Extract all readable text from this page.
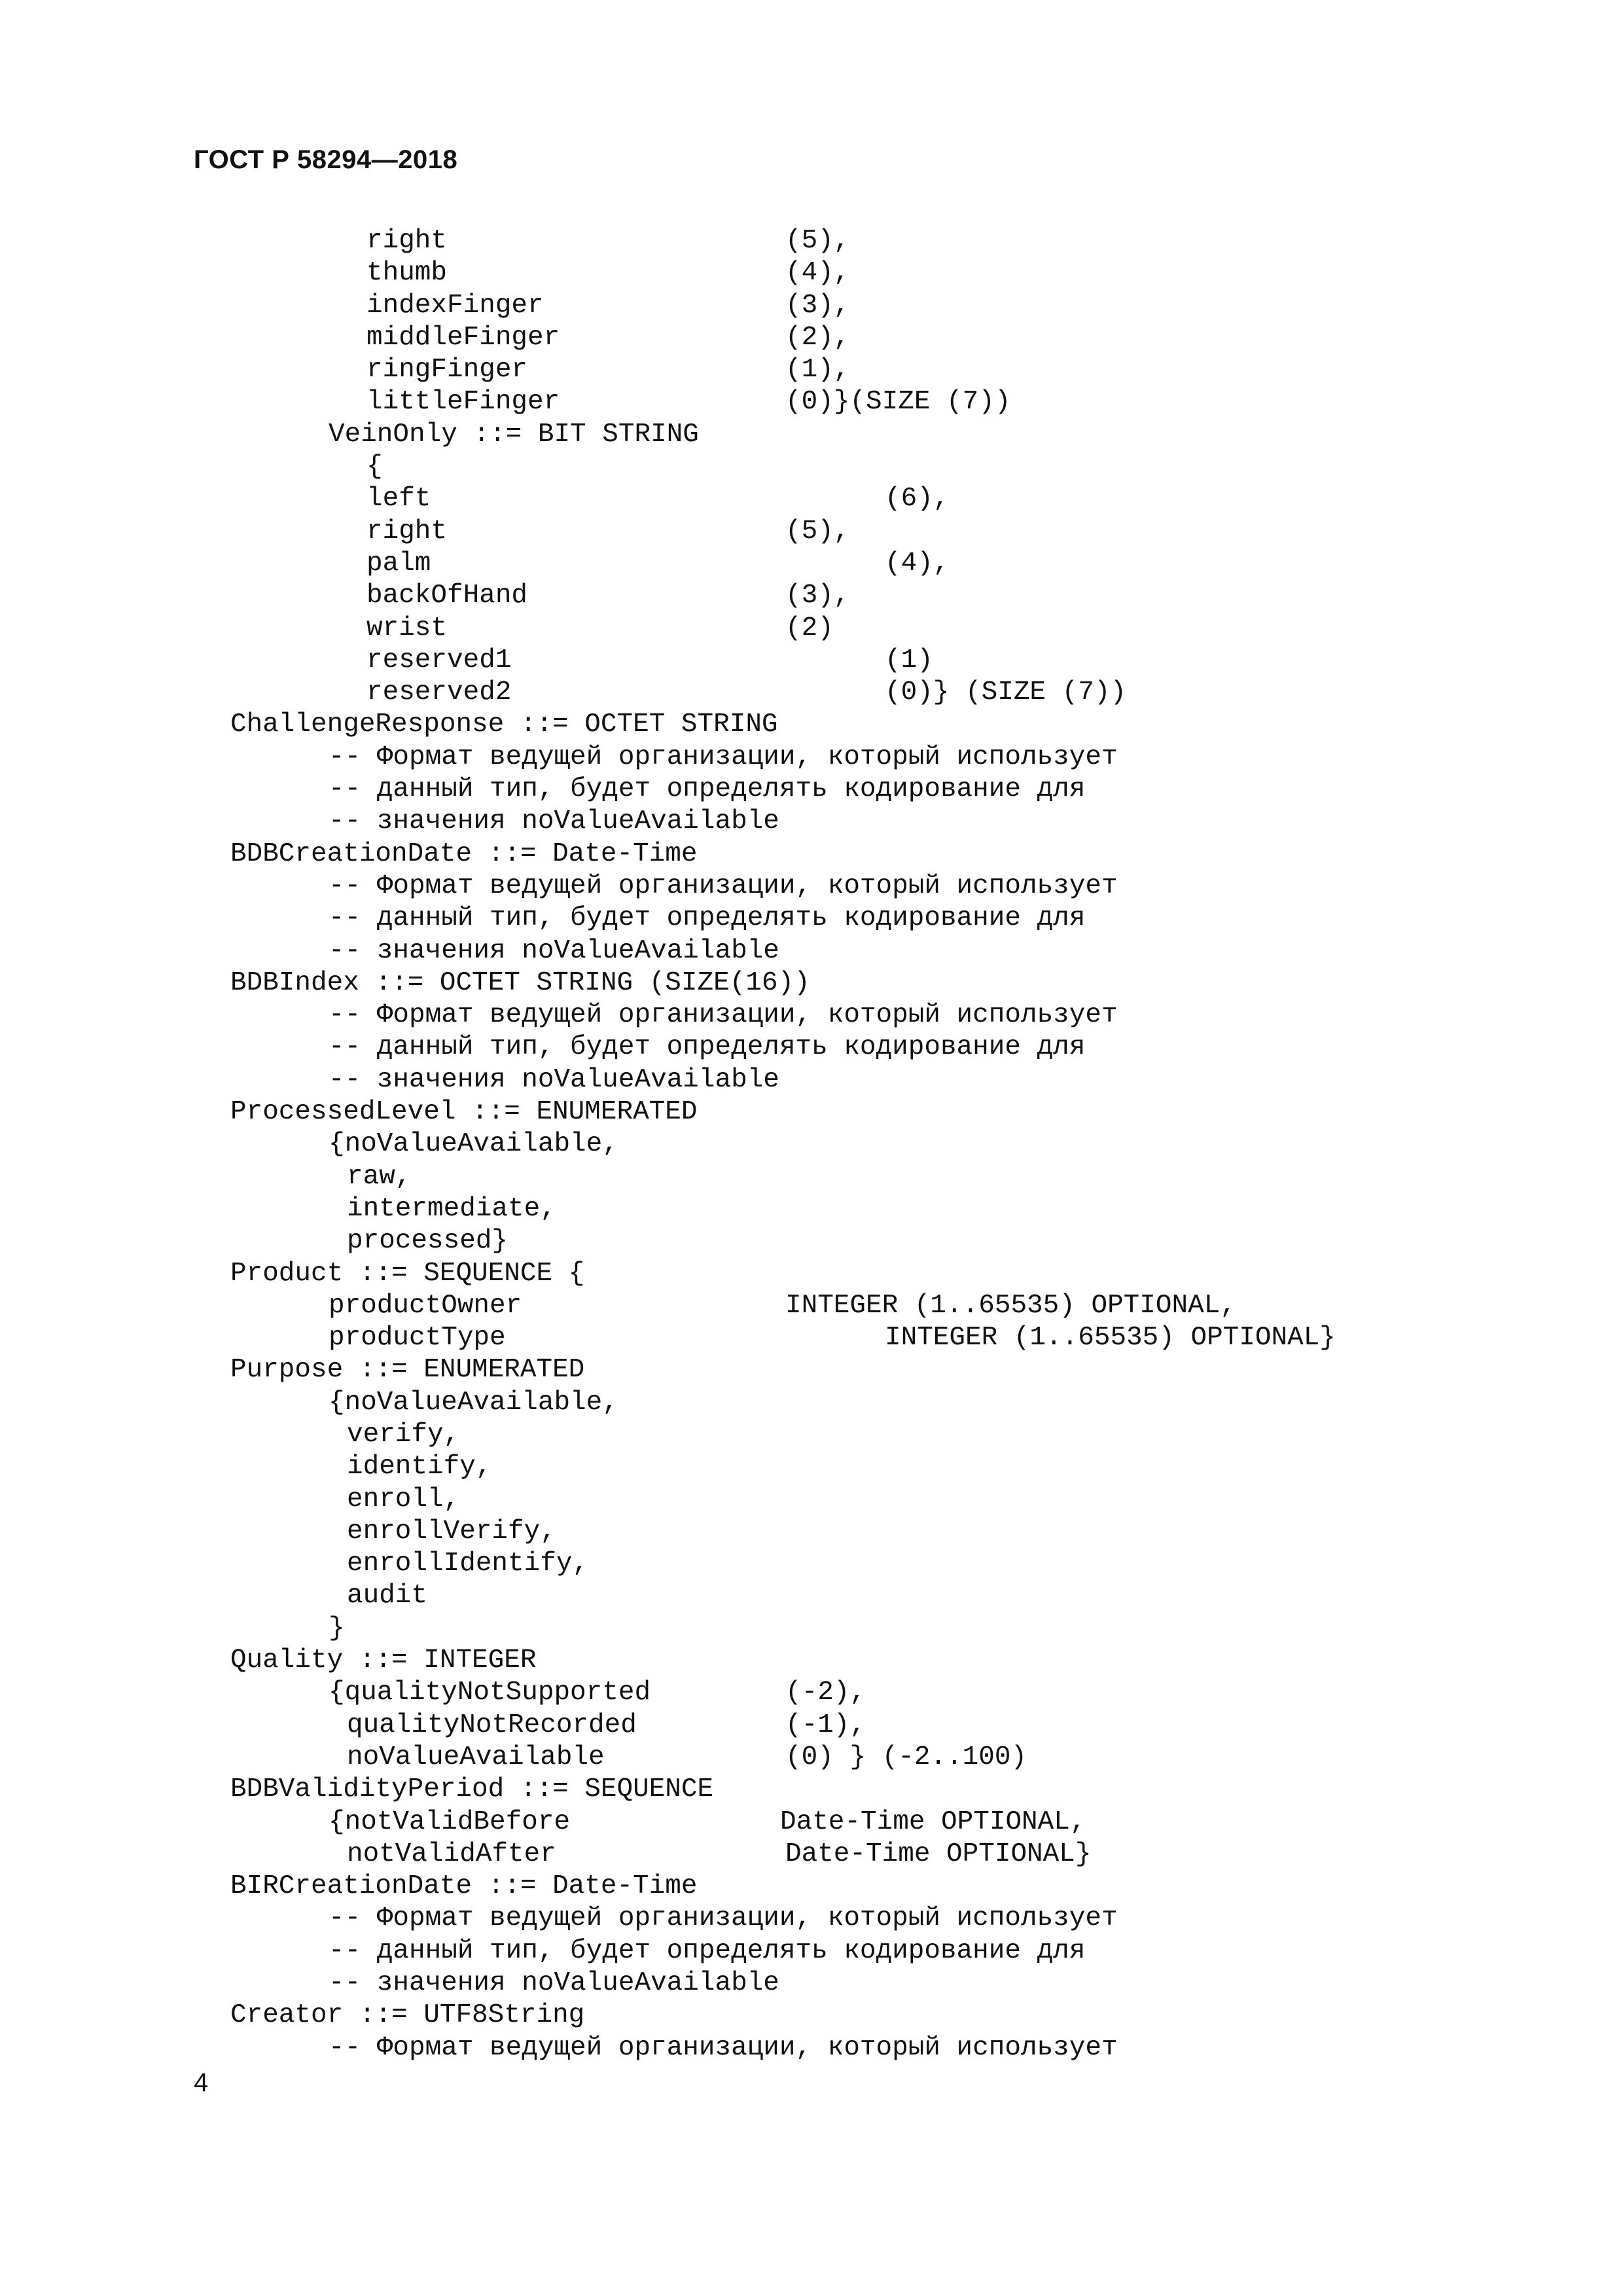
ГОСТ Р 58294—2018
right	(5),
thumb	(4),
indexFinger	(3),
middleFinger	(2),
ringFinger	(1),
littleFinger	(0)}(SIZE (7))
VeinOnly ::= BIT STRING
{
left	(6),
right	(5),
palm	(4),
backOfHand	(3),
wrist	(2)
reserved1	(1)
reserved2	(0)} (SIZE (7))
ChallengeResponse ::= OCTET STRING
-- Формат ведущей организации, который использует
-- данный тип, будет определять кодирование для
-- значения noValueAvailable
BDBCreationDate ::= Date-Time
-- Формат ведущей организации, который использует
-- данный тип, будет определять кодирование для
-- значения noValueAvailable
BDBIndex ::= OCTET STRING (SIZE(16))
-- Формат ведущей организации, который использует
-- данный тип, будет определять кодирование для
-- значения noValueAvailable
ProcessedLevel ::= ENUMERATED
{noValueAvailable,
raw,
intermediate,
processed}
Product ::= SEQUENCE {
productOwner	INTEGER (1..65535) OPTIONAL,
productType	INTEGER (1..65535) OPTIONAL}
Purpose ::= ENUMERATED
{noValueAvailable,
verify,
identify,
enroll,
enrollVerify,
enrollIdentify,
audit
}
Quality ::= INTEGER
{qualityNotSupported	(-2),
qualityNotRecorded	(-1),
noValueAvailable	(0) } (-2..100)
BDBValidityPeriod ::= SEQUENCE
{notValidBefore	Date-Time OPTIONAL,
notValidAfter	Date-Time OPTIONAL}
BIRCreationDate ::= Date-Time
-- Формат ведущей организации, который использует
-- данный тип, будет определять кодирование для
-- значения noValueAvailable
Creator ::= UTF8String
-- Формат ведущей организации, который использует
4
